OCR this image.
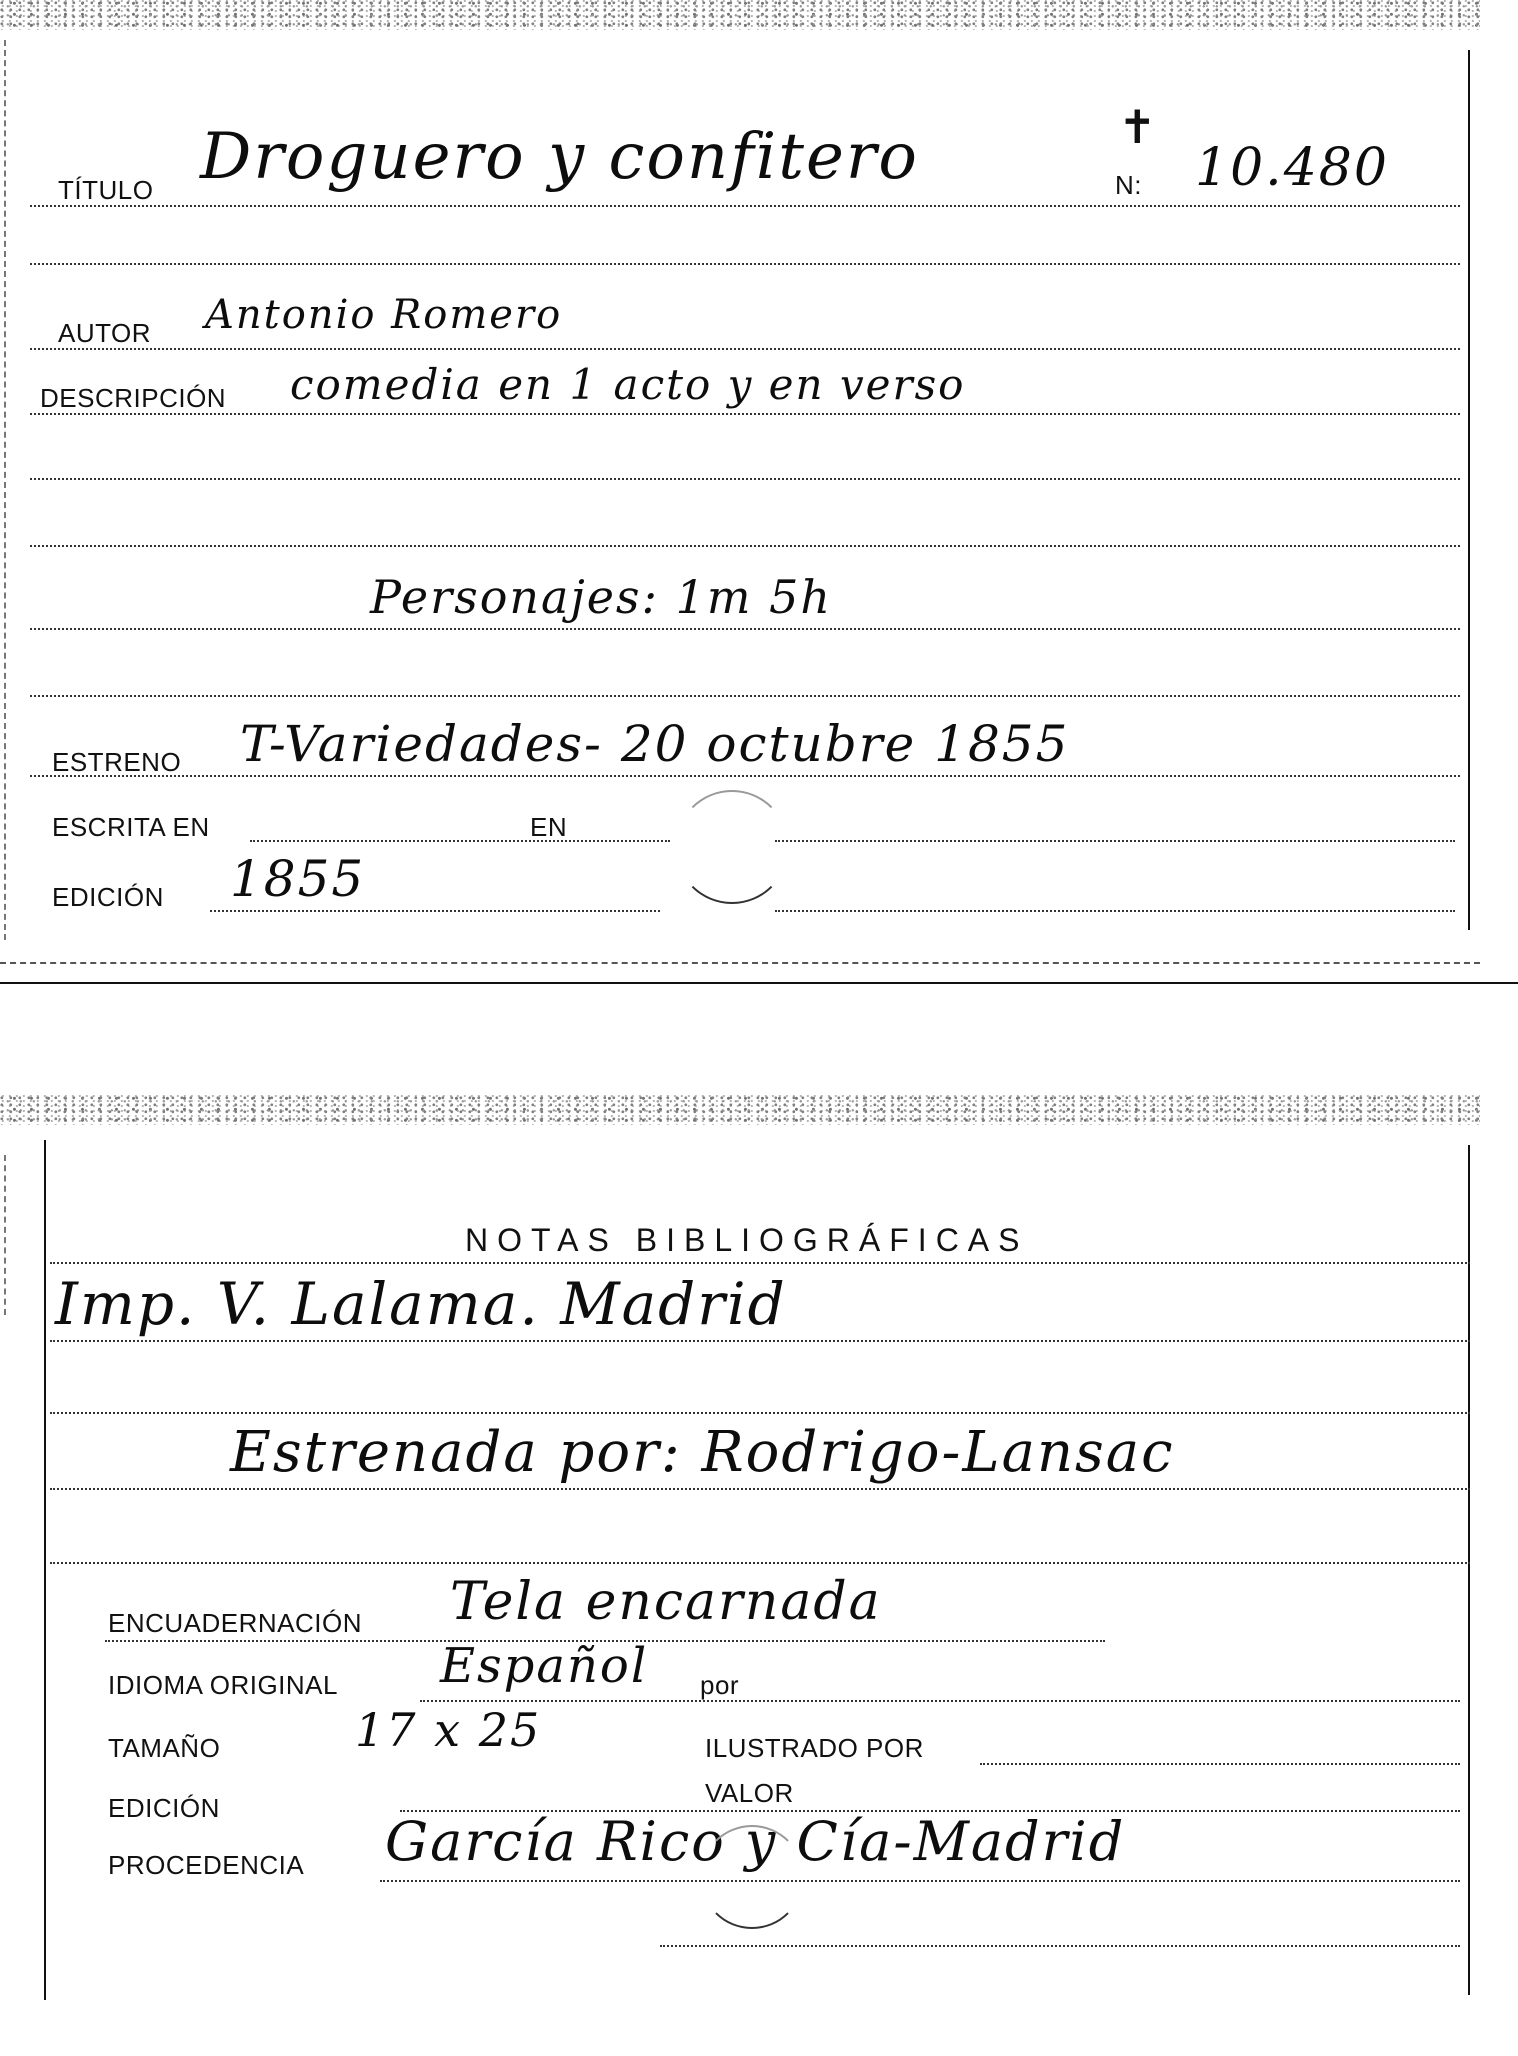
TÍTULO Droguero y confitero	✝
N: 10.480
AUTOR Antonio Romero
DESCRIPCIÓN comedia en 1 acto y en verso
Personajes: 1m 5h
ESTRENO T-Variedades- 20 octubre 1855
ESCRITA EN	EN
EDICIÓN 1855
NOTAS BIBLIOGRÁFICAS
Imp. V. Lalama. Madrid
Estrenada por: Rodrigo-Lansac
ENCUADERNACIÓN Tela encarnada
IDIOMA ORIGINAL Español por
TAMAÑO	17 x 25	ILUSTRADO POR
EDICIÓN	VALOR
PROCEDENCIA García Rico y Cía-Madrid
